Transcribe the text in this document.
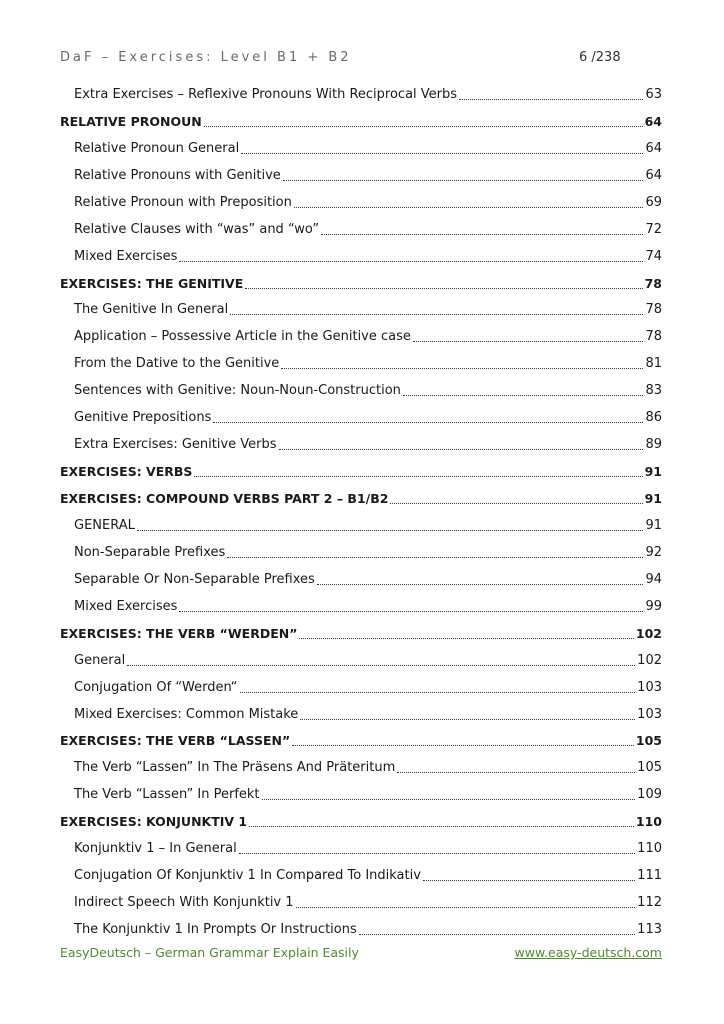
DaF – Exercises: Level B1 + B2	6 /238
Extra Exercises – Reflexive Pronouns With Reciprocal Verbs	63
RELATIVE PRONOUN	64
Relative Pronoun General	64
Relative Pronouns with Genitive	64
Relative Pronoun with Preposition	69
Relative Clauses with “was” and “wo”	72
Mixed Exercises	74
EXERCISES: THE GENITIVE	78
The Genitive In General	78
Application – Possessive Article in the Genitive case	78
From the Dative to the Genitive	81
Sentences with Genitive: Noun-Noun-Construction	83
Genitive Prepositions	86
Extra Exercises: Genitive Verbs	89
EXERCISES: VERBS	91
EXERCISES: COMPOUND VERBS PART 2 – B1/B2	91
GENERAL	91
Non-Separable Prefixes	92
Separable Or Non-Separable Prefixes	94
Mixed Exercises	99
EXERCISES: THE VERB “WERDEN”	102
General	102
Conjugation Of “Werden“	103
Mixed Exercises: Common Mistake	103
EXERCISES: THE VERB “LASSEN”	105
The Verb “Lassen” In The Präsens And Präteritum	105
The Verb “Lassen” In Perfekt	109
EXERCISES: KONJUNKTIV 1	110
Konjunktiv 1 – In General	110
Conjugation Of Konjunktiv 1 In Compared To Indikativ	111
Indirect Speech With Konjunktiv 1	112
The Konjunktiv 1 In Prompts Or Instructions	113
EasyDeutsch – German Grammar Explain Easily	www.easy-deutsch.com
